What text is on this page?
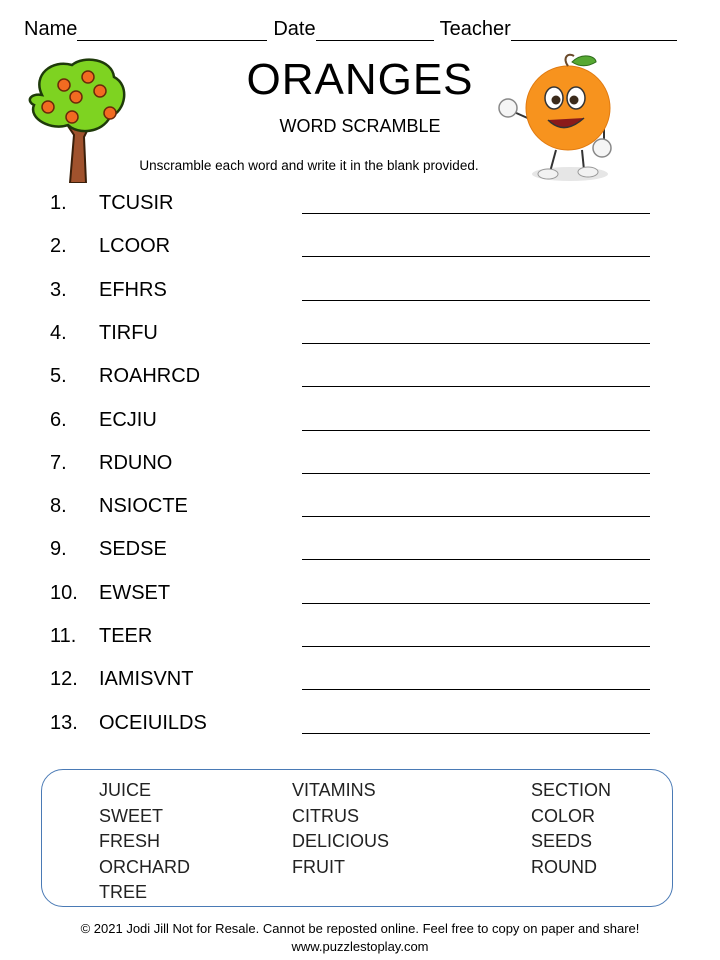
Name	Date	Teacher
ORANGES
WORD SCRAMBLE
Unscramble each word and write it in the blank provided.
1. TCUSIR
2. LCOOR
3. EFHRS
4. TIRFU
5. ROAHRCD
6. ECJIU
7. RDUNO
8. NSIOCTE
9. SEDSE
10. EWSET
11. TEER
12. IAMISVNT
13. OCEIUILDS
JUICE
SWEET
FRESH
ORCHARD
TREE
VITAMINS
CITRUS
DELICIOUS
FRUIT
SECTION
COLOR
SEEDS
ROUND
© 2021 Jodi Jill Not for Resale. Cannot be reposted online. Feel free to copy on paper and share!
www.puzzlestoplay.com
